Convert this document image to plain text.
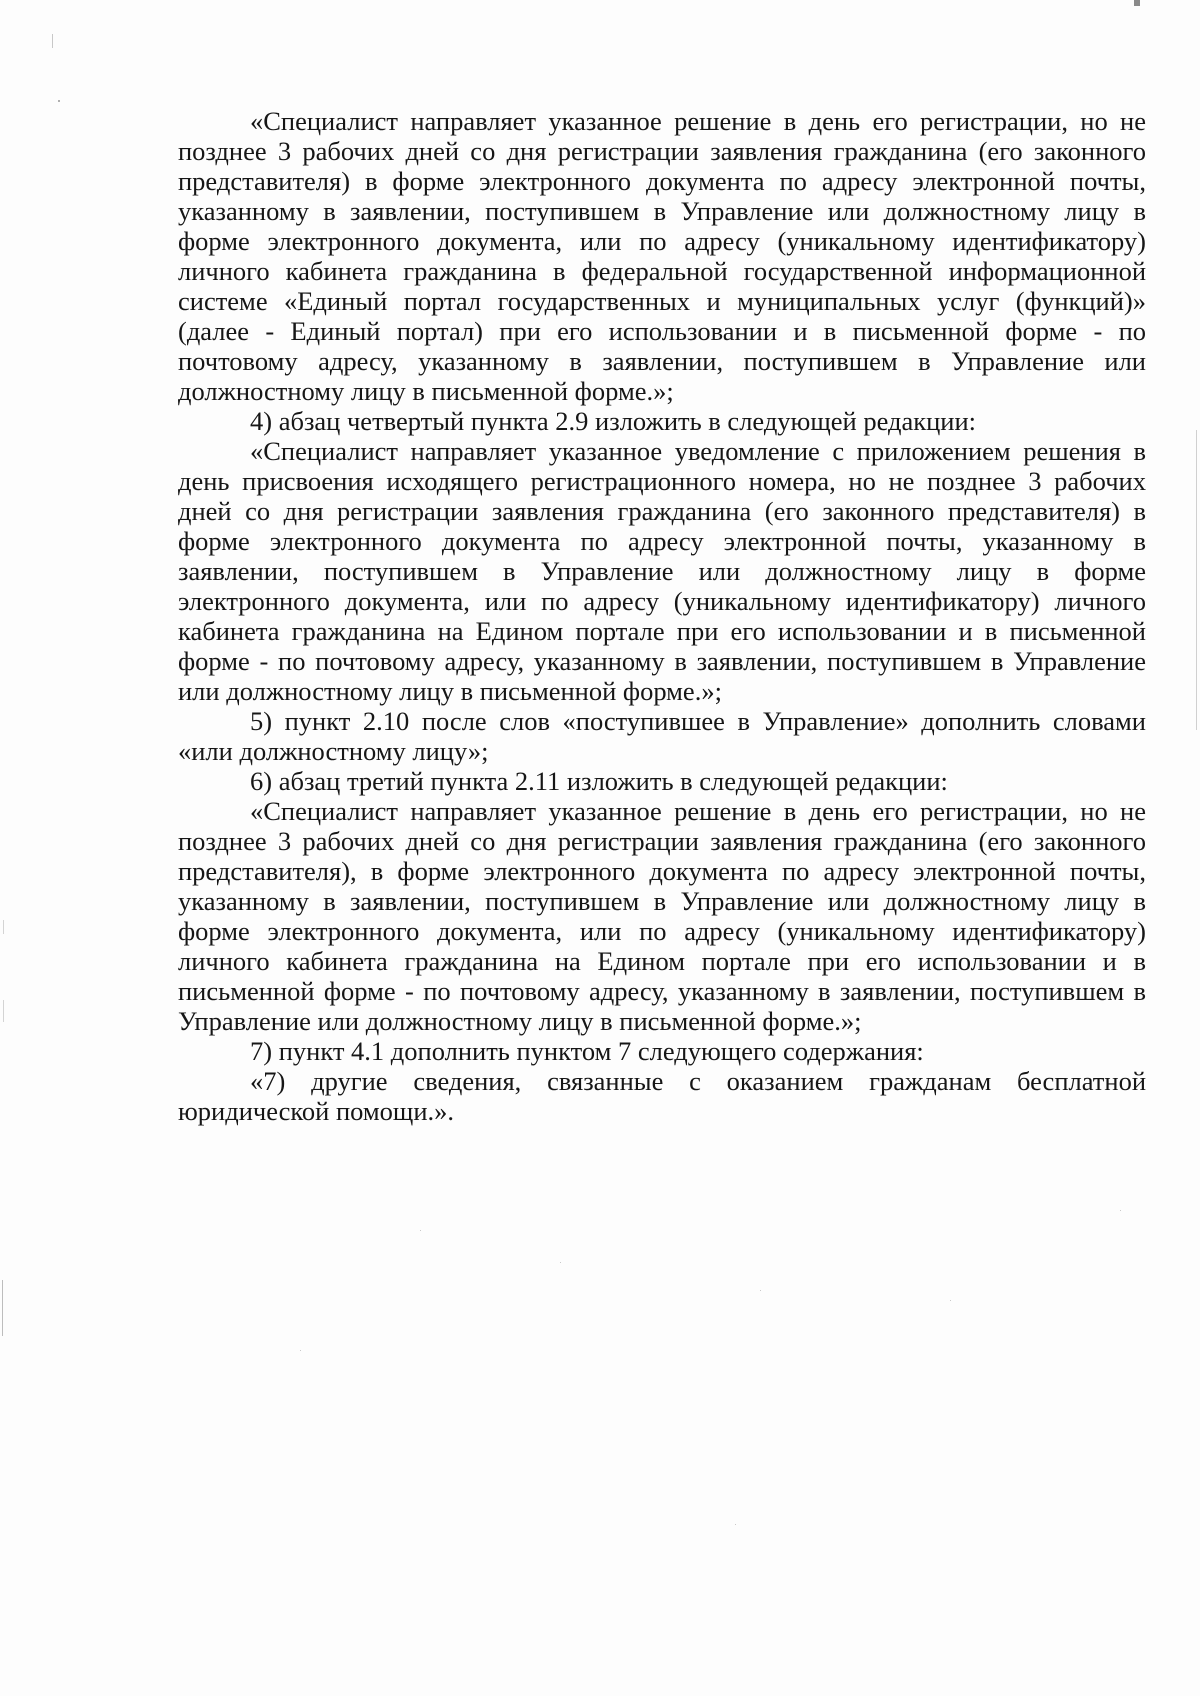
«Специалист направляет указанное решение в день его регистрации, но не позднее 3 рабочих дней со дня регистрации заявления гражданина (его законного представителя) в форме электронного документа по адресу электронной почты, указанному в заявлении, поступившем в Управление или должностному лицу в форме электронного документа, или по адресу (уникальному идентификатору) личного кабинета гражданина в федеральной государственной информационной системе «Единый портал государственных и муниципальных услуг (функций)» (далее - Единый портал) при его использовании и в письменной форме - по почтовому адресу, указанному в заявлении, поступившем в Управление или должностному лицу в письменной форме.»;

4) абзац четвертый пункта 2.9 изложить в следующей редакции:

«Специалист направляет указанное уведомление с приложением решения в день присвоения исходящего регистрационного номера, но не позднее 3 рабочих дней со дня регистрации заявления гражданина (его законного представителя) в форме электронного документа по адресу электронной почты, указанному в заявлении, поступившем в Управление или должностному лицу в форме электронного документа, или по адресу (уникальному идентификатору) личного кабинета гражданина на Едином портале при его использовании и в письменной форме - по почтовому адресу, указанному в заявлении, поступившем в Управление или должностному лицу в письменной форме.»;

5) пункт 2.10 после слов «поступившее в Управление» дополнить словами «или должностному лицу»;

6) абзац третий пункта 2.11 изложить в следующей редакции:

«Специалист направляет указанное решение в день его регистрации, но не позднее 3 рабочих дней со дня регистрации заявления гражданина (его законного представителя), в форме электронного документа по адресу электронной почты, указанному в заявлении, поступившем в Управление или должностному лицу в форме электронного документа, или по адресу (уникальному идентификатору) личного кабинета гражданина на Едином портале при его использовании и в письменной форме - по почтовому адресу, указанному в заявлении, поступившем в Управление или должностному лицу в письменной форме.»;

7) пункт 4.1 дополнить пунктом 7 следующего содержания:

«7) другие сведения, связанные с оказанием гражданам бесплатной юридической помощи.».
